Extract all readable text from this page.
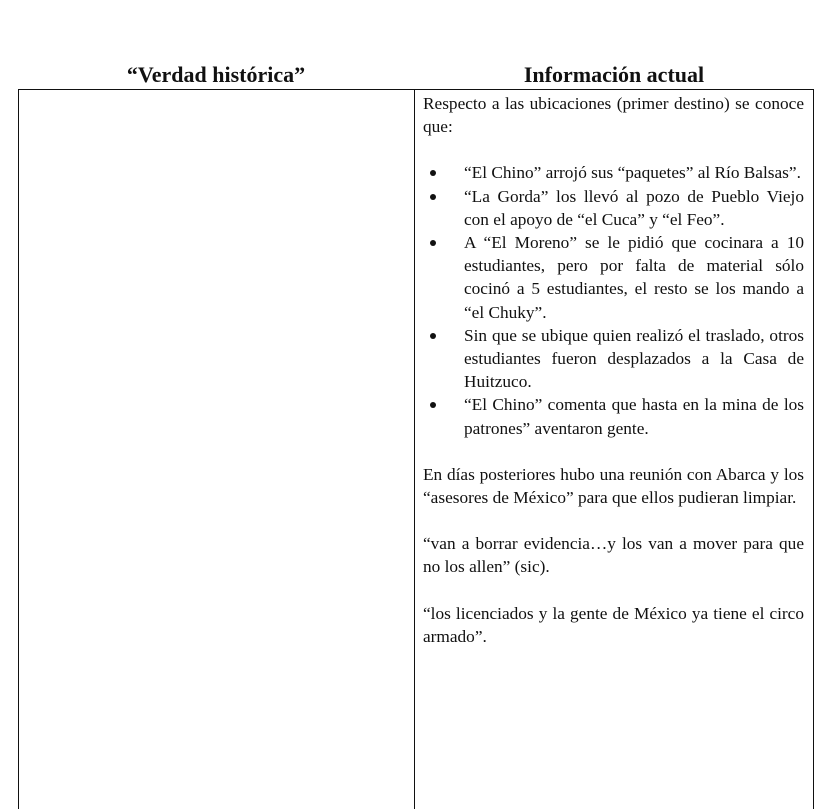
“Verdad histórica”	Información actual

Respecto a las ubicaciones (primer destino) se conoce que:

“El Chino” arrojó sus “paquetes” al Río Balsas”.
“La Gorda” los llevó al pozo de Pueblo Viejo con el apoyo de “el Cuca” y “el Feo”.
A “El Moreno” se le pidió que cocinara a 10 estudiantes, pero por falta de material sólo cocinó a 5 estudiantes, el resto se los mando a “el Chuky”.
Sin que se ubique quien realizó el traslado, otros estudiantes fueron desplazados a la Casa de Huitzuco.
“El Chino” comenta que hasta en la mina de los patrones” aventaron gente.

En días posteriores hubo una reunión con Abarca y los “asesores de México” para que ellos pudieran limpiar.

“van a borrar evidencia…y los van a mover para que no los allen” (sic).

“los licenciados y la gente de México ya tiene el circo armado”.
